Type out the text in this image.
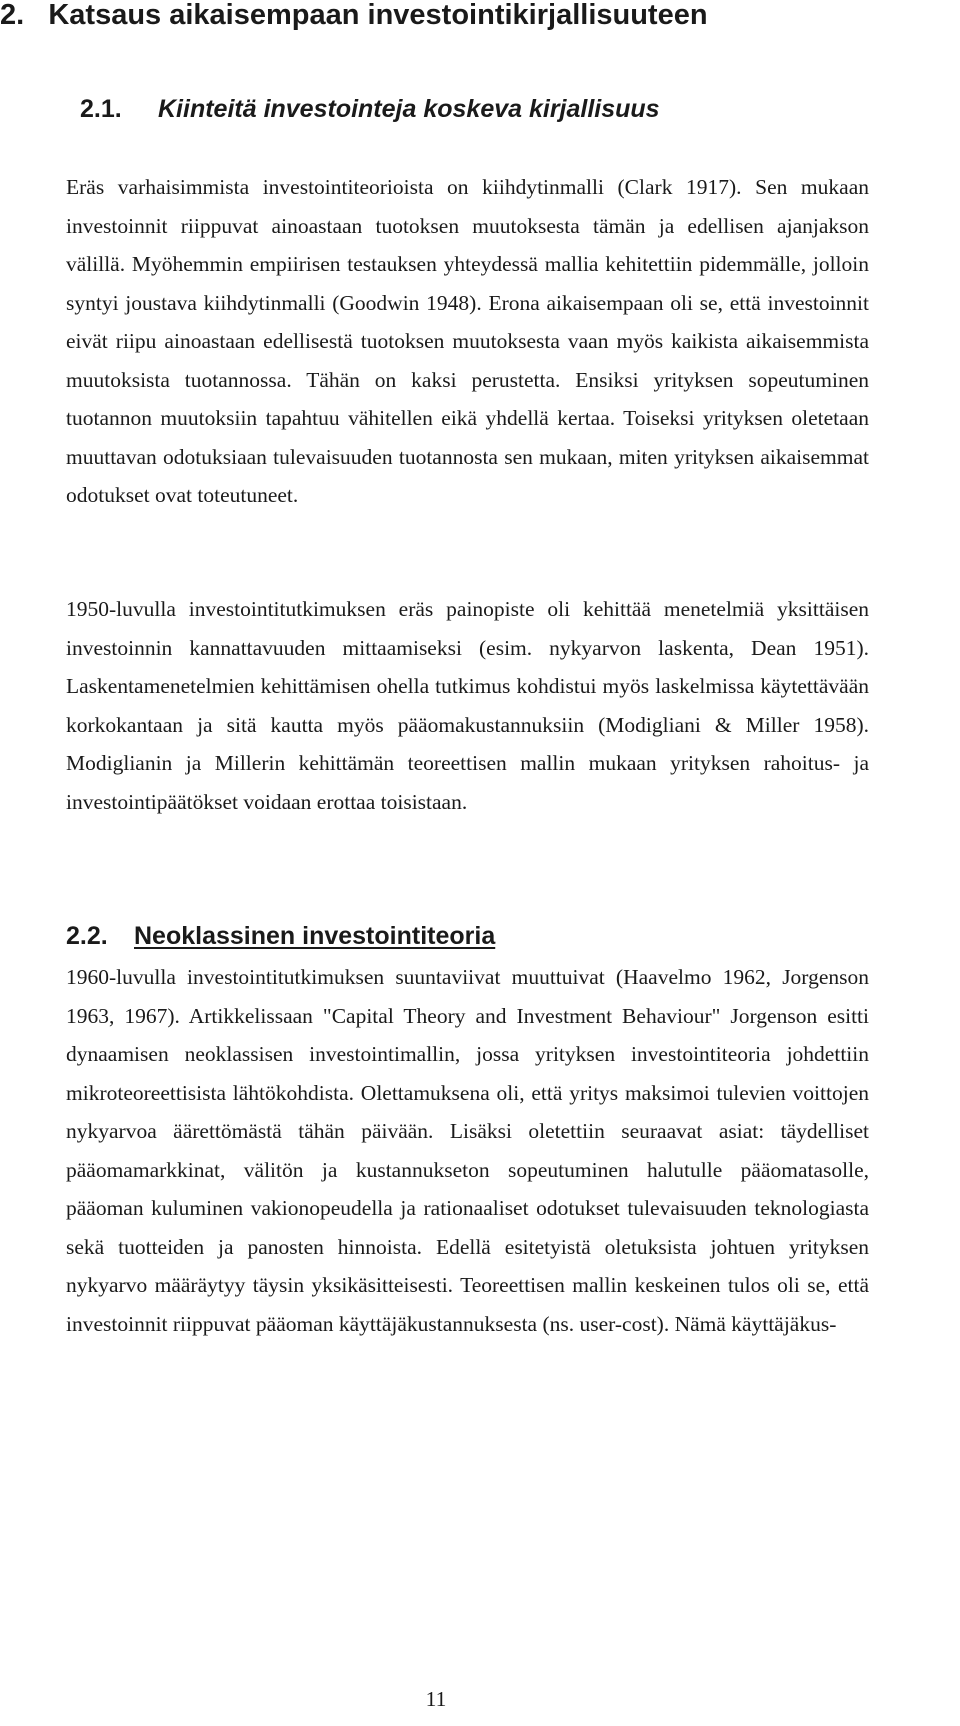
2. Katsaus aikaisempaan investointikirjallisuuteen
2.1. Kiinteitä investointeja koskeva kirjallisuus

Eräs varhaisimmista investointiteorioista on kiihdytinmalli (Clark 1917). Sen mukaan investoinnit riippuvat ainoastaan tuotoksen muutoksesta tämän ja edellisen ajanjakson välillä. Myöhemmin empiirisen testauksen yhteydessä mallia kehitettiin pidemmälle, jolloin syntyi joustava kiihdytinmalli (Goodwin 1948). Erona aikaisempaan oli se, että investoinnit eivät riipu ainoastaan edellisestä tuotoksen muutoksesta vaan myös kaikista aikaisemmista muutoksista tuotannossa. Tähän on kaksi perustetta. Ensiksi yrityksen sopeutuminen tuotannon muutoksiin tapahtuu vähitellen eikä yhdellä kertaa. Toiseksi yrityksen oletetaan muuttavan odotuksiaan tulevaisuuden tuotannosta sen mukaan, miten yrityksen aikaisemmat odotukset ovat toteutuneet.

1950-luvulla investointitutkimuksen eräs painopiste oli kehittää menetelmiä yksittäisen investoinnin kannattavuuden mittaamiseksi (esim. nykyarvon laskenta, Dean 1951). Laskentamenetelmien kehittämisen ohella tutkimus kohdistui myös laskelmissa käytettävään korkokantaan ja sitä kautta myös pääomakustannuksiin (Modigliani & Miller 1958). Modiglianin ja Millerin kehittämän teoreettisen mallin mukaan yrityksen rahoitus- ja investointipäätökset voidaan erottaa toisistaan.

2.2. Neoklassinen investointiteoria

1960-luvulla investointitutkimuksen suuntaviivat muuttuivat (Haavelmo 1962, Jorgenson 1963, 1967). Artikkelissaan "Capital Theory and Investment Behaviour" Jorgenson esitti dynaamisen neoklassisen investointimallin, jossa yrityksen investointiteoria johdettiin mikroteoreettisista lähtökohdista. Olettamuksena oli, että yritys maksimoi tulevien voittojen nykyarvoa äärettömästä tähän päivään. Lisäksi oletettiin seuraavat asiat: täydelliset pääomamarkkinat, välitön ja kustannukseton sopeutuminen halutulle pääomatasolle, pääoman kuluminen vakionopeudella ja rationaaliset odotukset tulevaisuuden teknologiasta sekä tuotteiden ja panosten hinnoista. Edellä esitetyistä oletuksista johtuen yrityksen nykyarvo määräytyy täysin yksikäsitteisesti. Teoreettisen mallin keskeinen tulos oli se, että investoinnit riippuvat pääoman käyttäjäkustannuksesta (ns. user-cost). Nämä käyttäjäkus-

11
